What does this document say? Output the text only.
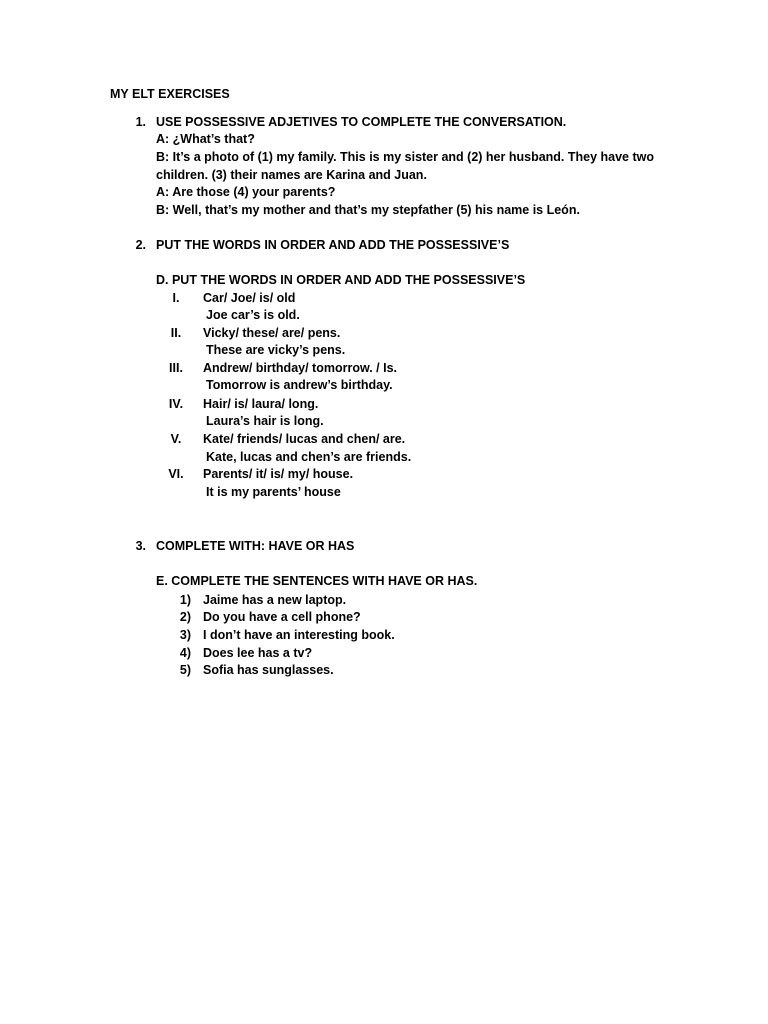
MY ELT EXERCISES
1. USE POSSESSIVE ADJETIVES TO COMPLETE THE CONVERSATION.
A: ¿What’s that?
B: It’s a photo of (1) my family. This is my sister and (2) her husband. They have two children. (3) their names are Karina and Juan.
A: Are those (4) your parents?
B: Well, that’s my mother and that’s my stepfather (5) his name is León.
2. PUT THE WORDS IN ORDER AND ADD THE POSSESSIVE’S
D. PUT THE WORDS IN ORDER AND ADD THE POSSESSIVE’S
I.	Car/ Joe/ is/ old
Joe car’s is old.
II.	Vicky/ these/ are/ pens.
These are vicky’s pens.
III.	Andrew/ birthday/ tomorrow. / Is.
Tomorrow is andrew’s birthday.
IV.	Hair/ is/ laura/ long.
Laura’s hair is long.
V.	Kate/ friends/ lucas and chen/ are.
Kate, lucas and chen’s are friends.
VI.	Parents/ it/ is/ my/ house.
It is my parents’ house
3. COMPLETE WITH: HAVE OR HAS
E. COMPLETE THE SENTENCES WITH HAVE OR HAS.
1) Jaime has a new laptop.
2) Do you have a cell phone?
3) I don’t have an interesting book.
4) Does lee has a tv?
5) Sofia has sunglasses.
